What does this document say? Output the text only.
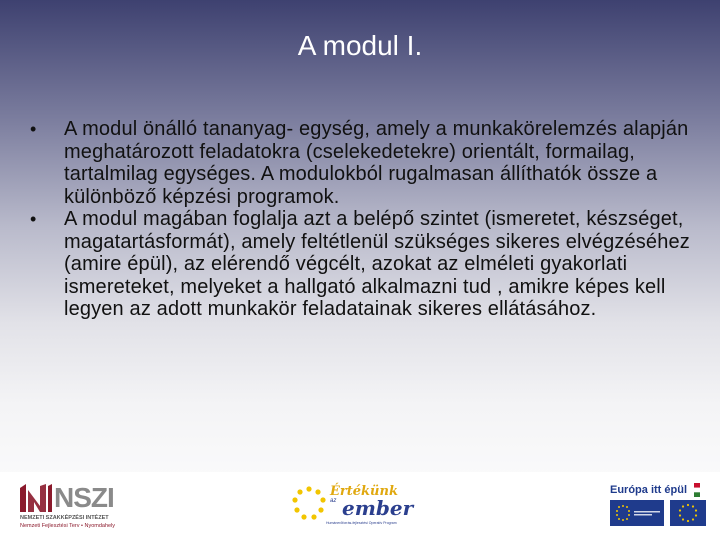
A modul I.
• A modul önálló tananyag- egység, amely a munkakörelemzés alapján meghatározott feladatokra (cselekedetekre) orientált, formailag, tartalmilag egységes. A modulokból rugalmasan állíthatók össze a különböző képzési programok.
• A modul magában foglalja azt a belépő szintet (ismeretet, készséget, magatartásformát), amely feltétlenül szükséges sikeres elvégzéséhez (amire épül), az elérendő végcélt, azokat az elméleti gyakorlati ismereteket, melyeket a hallgató alkalmazni tud , amikre képes kell legyen az adott munkakör feladatainak sikeres ellátásához.
NSZI
NEMZETI SZAKKÉPZÉSI INTÉZET
Nemzeti Fejlesztési Terv • Nyomdahely
Értékünk
az ember
Humánerőforrás-fejlesztési Operatív Program
Európa itt épül
